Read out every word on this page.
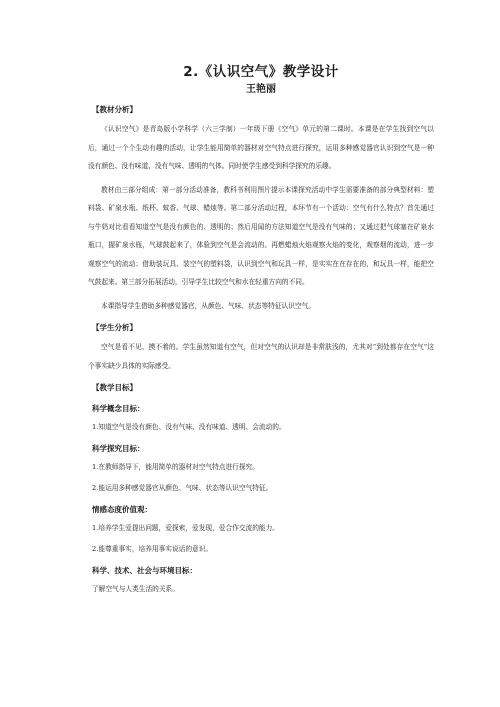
2.《认识空气》教学设计
王艳丽
【教材分析】

《认识空气》是青岛版小学科学（六三学制）一年级下册《空气》单元的第二课时。本课是在学生找到空气以后，通过一个个生动有趣的活动，让学生能用简单的器材对空气特点进行探究，运用多种感觉器官认识到空气是一种没有颜色、没有味道、没有气味、透明的气体。同时使学生感受到科学探究的乐趣。

教材由三部分组成：第一部分活动准备，教科书利用图片提示本课探究活动中学生需要准备的部分典型材料：塑料袋、矿泉水瓶、纸杯、蚊香、气球、蜡烛等。第二部分活动过程，本环节有一个活动：空气有什么特点？首先通过与牛奶对比看看知道空气是没有颜色的、透明的；然后用闻的方法知道空气是没有气味的；又通过把气球塞在矿泉水瓶口，握矿泉水瓶，气球鼓起来了，体验到空气是会流动的。再燃蜡烛火焰观察火焰的变化，观察烟的流动，进一步观察空气的流动；借助装玩具、装空气的塑料袋，认识到空气和玩具一样，是实实在在存在的，和玩具一样，能把空气鼓起来。第三部分拓展活动，引导学生比较空气和水在轻重方向的不同。

本课指导学生借助多种感觉器官，从颜色、气味、状态等特征认识空气。

【学生分析】

空气是看不见、摸不着的。学生虽然知道有空气，但对空气的认识却是非常肤浅的，尤其对“到处都存在空气”这个事实缺少具体的实际感受。

【教学目标】
科学概念目标：
1.知道空气是没有颜色、没有气味、没有味道、透明、会流动的。
科学探究目标：
1.在教师指导下，能用简单的器材对空气特点进行探究。
2.能运用多种感觉器官从颜色、气味、状态等认识空气特征。
情感态度价值观：
1.培养学生爱提出问题，爱探索，爱发现，爱合作交流的能力。
2.能尊重事实，培养用事实说话的意识。
科学、技术、社会与环境目标：
了解空气与人类生活的关系。
